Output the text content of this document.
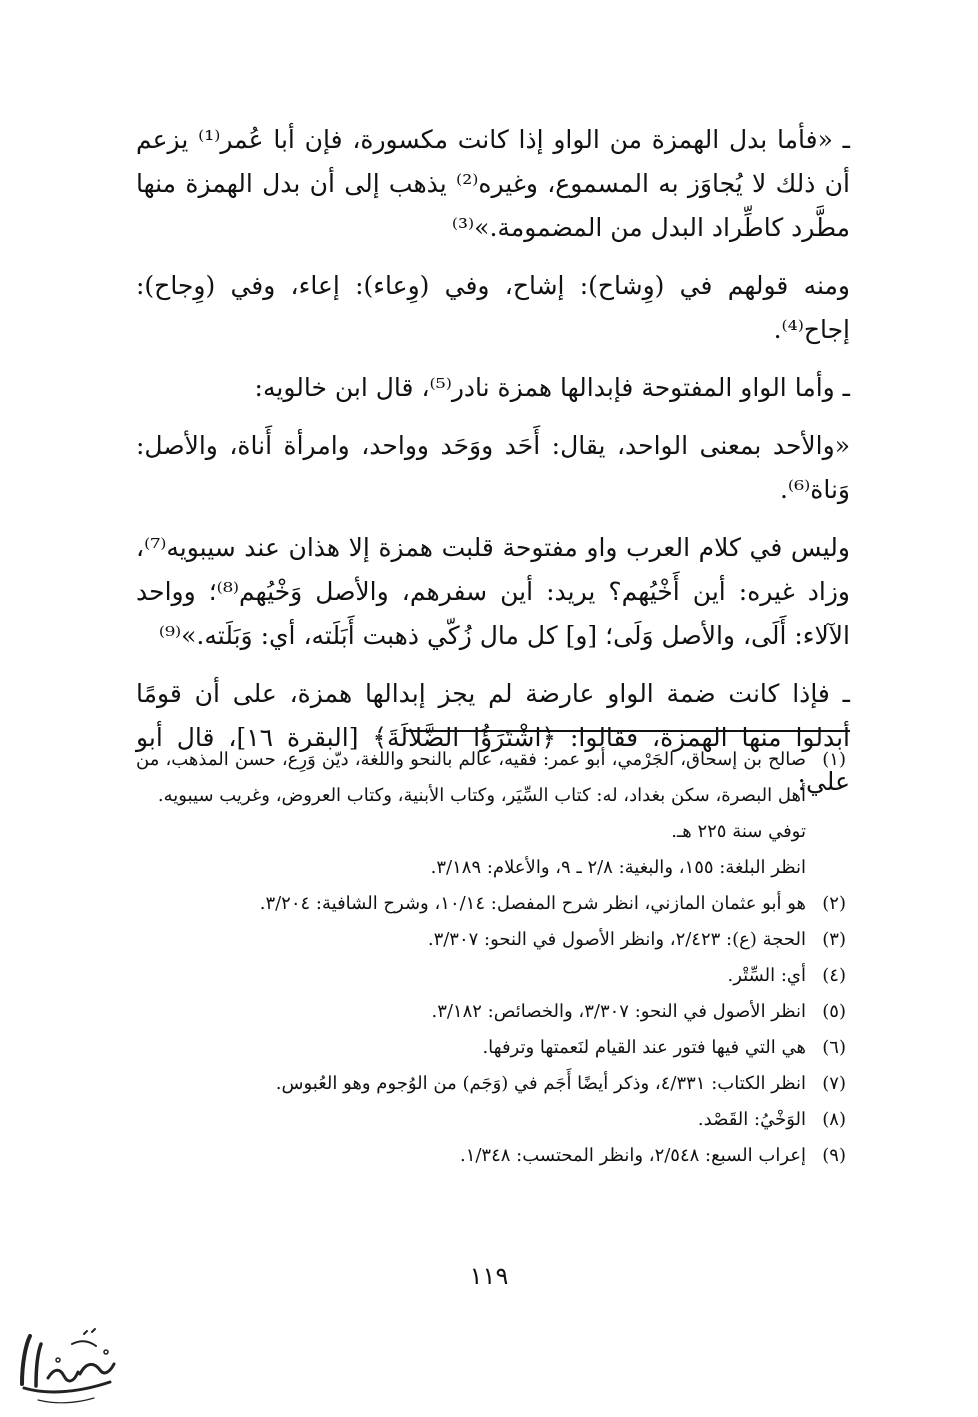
ـ «فأما بدل الهمزة من الواو إذا كانت مكسورة، فإن أبا عُمر⁽¹⁾ يزعم أن ذلك لا يُجاوَز به المسموع، وغيره⁽²⁾ يذهب إلى أن بدل الهمزة منها مطَّرد كاطِّراد البدل من المضمومة.»⁽³⁾

ومنه قولهم في (وِشاح): إشاح، وفي (وِعاء): إعاء، وفي (وِجاح): إجاح⁽⁴⁾.

ـ وأما الواو المفتوحة فإبدالها همزة نادر⁽⁵⁾، قال ابن خالويه:

«والأحد بمعنى الواحد، يقال: أَحَد ووَحَد وواحد، وامرأة أَناة، والأصل: وَناة⁽⁶⁾.

وليس في كلام العرب واو مفتوحة قلبت همزة إلا هذان عند سيبويه⁽⁷⁾، وزاد غيره: أين أَخْيُهم؟ يريد: أين سفرهم، والأصل وَخْيُهم⁽⁸⁾؛ وواحد الآلاء: أَلَى، والأصل وَلَى؛ [و] كل مال زُكّي ذهبت أَبَلَته، أي: وَبَلَته.»⁽⁹⁾

ـ فإذا كانت ضمة الواو عارضة لم يجز إبدالها همزة، على أن قومًا أبدلوا منها الهمزة، فقالوا: ﴿اشْتَرَؤُا الضَّلالَةَ﴾ [البقرة ١٦]، قال أبو علي:

(١)
صالح بن إسحاق، الجَرْمي، أبو عمر: فقيه، عالم بالنحو واللغة، ديّن وَرِع، حسن المذهب، من أهل البصرة، سكن بغداد، له: كتاب السِّيَر، وكتاب الأبنية، وكتاب العروض، وغريب سيبويه.
توفي سنة ٢٢٥ هـ.
انظر البلغة: ١٥٥، والبغية: ٢/٨ ـ ٩، والأعلام: ٣/١٨٩.
(٢)
هو أبو عثمان المازني، انظر شرح المفصل: ١٠/١٤، وشرح الشافية: ٣/٢٠٤.
(٣)
الحجة (ع): ٢/٤٢٣، وانظر الأصول في النحو: ٣/٣٠٧.
(٤)
أي: السِّتْر.
(٥)
انظر الأصول في النحو: ٣/٣٠٧، والخصائص: ٣/١٨٢.
(٦)
هي التي فيها فتور عند القيام لنَعمتها وترفها.
(٧)
انظر الكتاب: ٤/٣٣١، وذكر أيضًا أَجَم في (وَجَم) من الوُجوم وهو العُبوس.
(٨)
الوَخْيُ: القَصْد.
(٩)
إعراب السبع: ٢/٥٤٨، وانظر المحتسب: ١/٣٤٨.
١١٩
